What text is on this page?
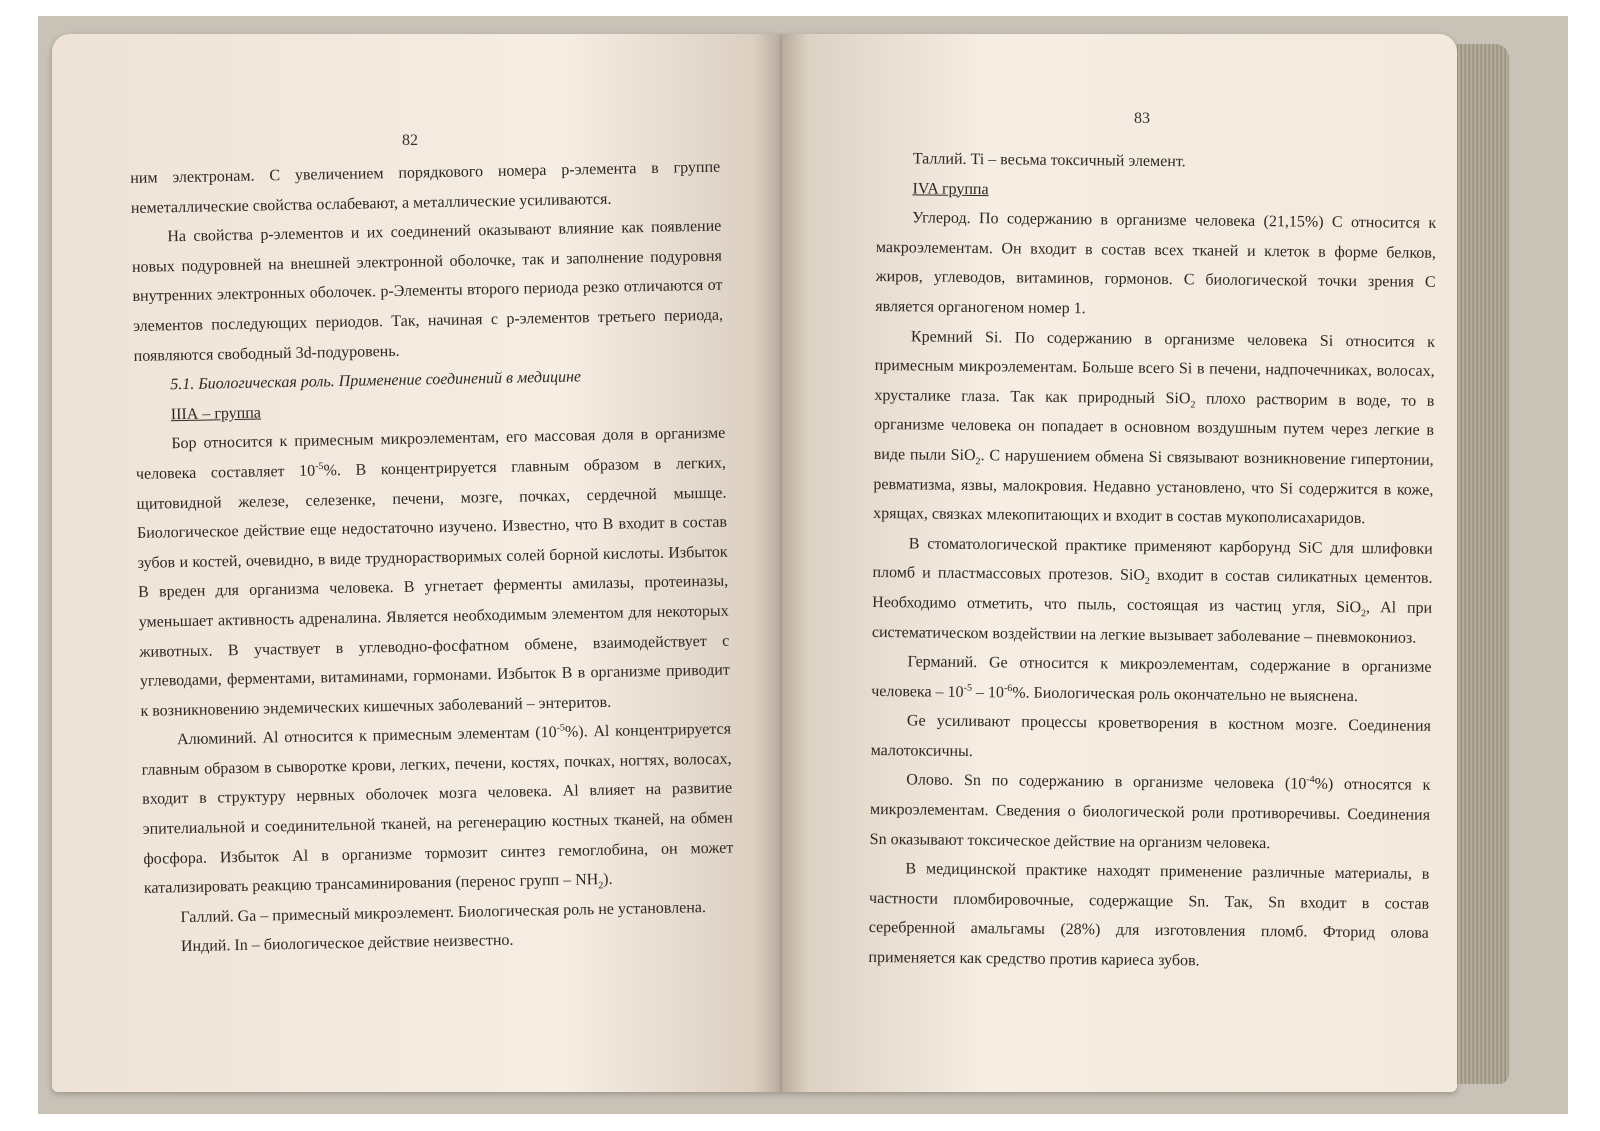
82

ним электронам. С увеличением порядкового номера р-элемента в группе неметаллические свойства ослабевают, а металлические усиливаются.

На свойства р-элементов и их соединений оказывают влияние как появление новых подуровней на внешней электронной оболочке, так и заполнение подуровня внутренних электронных оболочек. р-Элементы второго периода резко отличаются от элементов последующих периодов. Так, начиная с р-элементов третьего периода, появляются свободный 3d-подуровень.

5.1. Биологическая роль. Применение соединений в медицине

IIIА – группа

Бор относится к примесным микроэлементам, его массовая доля в организме человека составляет $10^{-5}\%$. В концентрируется главным образом в легких, щитовидной железе, селезенке, печени, мозге, почках, сердечной мышце. Биологическое действие еще недостаточно изучено. Известно, что В входит в состав зубов и костей, очевидно, в виде труднорастворимых солей борной кислоты. Избыток В вреден для организма человека. В угнетает ферменты амилазы, протеиназы, уменьшает активность адреналина. Является необходимым элементом для некоторых животных. В участвует в углеводно-фосфатном обмене, взаимодействует с углеводами, ферментами, витаминами, гормонами. Избыток В в организме приводит к возникновению эндемических кишечных заболеваний – энтеритов.

Алюминий. Al относится к примесным элементам $(10^{-5}\%)$. Al концентрируется главным образом в сыворотке крови, легких, печени, костях, почках, ногтях, волосах, входит в структуру нервных оболочек мозга человека. Al влияет на развитие эпителиальной и соединительной тканей, на регенерацию костных тканей, на обмен фосфора. Избыток Al в организме тормозит синтез гемоглобина, он может катализировать реакцию трансаминирования (перенос групп – $NH_2$).

Галлий. Ga – примесный микроэлемент. Биологическая роль не установлена.

Индий. In – биологическое действие неизвестно.

83

Таллий. Ti – весьма токсичный элемент.

IVA группа

Углерод. По содержанию в организме человека (21,15%) С относится к макроэлементам. Он входит в состав всех тканей и клеток в форме белков, жиров, углеводов, витаминов, гормонов. С биологической точки зрения С является органогеном номер 1.

Кремний Si. По содержанию в организме человека Si относится к примесным микроэлементам. Больше всего Si в печени, надпочечниках, волосах, хрусталике глаза. Так как природный SiO$_2$ плохо растворим в воде, то в организме человека он попадает в основном воздушным путем через легкие в виде пыли SiO$_2$. С нарушением обмена Si связывают возникновение гипертонии, ревматизма, язвы, малокровия. Недавно установлено, что Si содержится в коже, хрящах, связках млекопитающих и входит в состав мукополисахаридов.

В стоматологической практике применяют карборунд SiC для шлифовки пломб и пластмассовых протезов. SiO$_2$ входит в состав силикатных цементов. Необходимо отметить, что пыль, состоящая из частиц угля, SiO$_2$, Al при систематическом воздействии на легкие вызывает заболевание – пневмокониоз.

Германий. Ge относится к микроэлементам, содержание в организме человека – $10^{-5} - 10^{-6}\%$. Биологическая роль окончательно не выяснена.

Ge усиливают процессы кроветворения в костном мозге. Соединения малотоксичны.

Олово. Sn по содержанию в организме человека $(10^{-4}\%)$ относятся к микроэлементам. Сведения о биологической роли противоречивы. Соединения Sn оказывают токсическое действие на организм человека.

В медицинской практике находят применение различные материалы, в частности пломбировочные, содержащие Sn. Так, Sn входит в состав серебренной амальгамы (28%) для изготовления пломб. Фторид олова применяется как средство против кариеса зубов.
